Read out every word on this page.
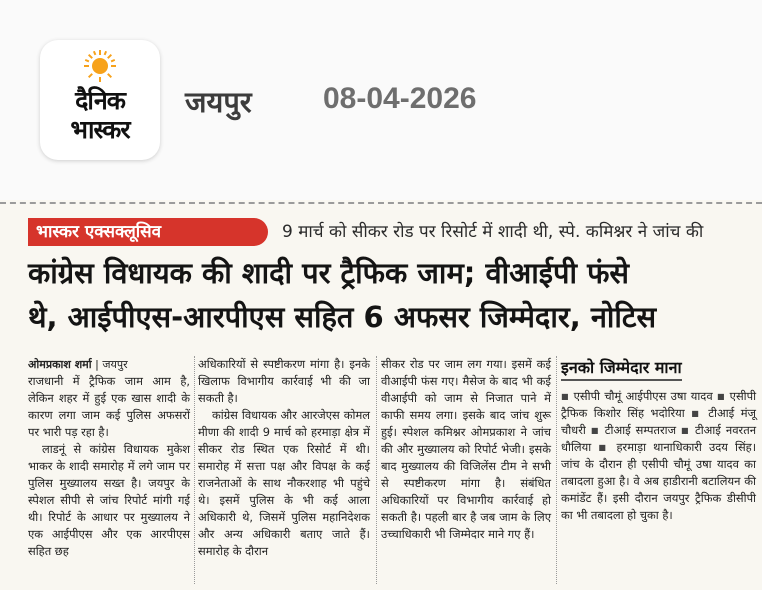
दैनिक
भास्कर
जयपुर 08-04-2026
भास्कर एक्सक्लूसिव	9 मार्च को सीकर रोड पर रिसोर्ट में शादी थी, स्पे. कमिश्नर ने जांच की
कांग्रेस विधायक की शादी पर ट्रैफिक जाम; वीआईपी फंसे
थे, आईपीएस-आरपीएस सहित 6 अफसर जिम्मेदार, नोटिस
ओमप्रकाश शर्मा | जयपुर

राजधानी में ट्रैफिक जाम आम है, लेकिन शहर में हुई एक खास शादी के कारण लगा जाम कई पुलिस अफसरों पर भारी पड़ रहा है।

लाडनूं से कांग्रेस विधायक मुकेश भाकर के शादी समारोह में लगे जाम पर पुलिस मुख्यालय सख्त है। जयपुर के स्पेशल सीपी से जांच रिपोर्ट मांगी गई थी। रिपोर्ट के आधार पर मुख्यालय ने एक आईपीएस और एक आरपीएस सहित छह

अधिकारियों से स्पष्टीकरण मांगा है। इनके खिलाफ विभागीय कार्रवाई भी की जा सकती है।

कांग्रेस विधायक और आरजेएस कोमल मीणा की शादी 9 मार्च को हरमाड़ा क्षेत्र में सीकर रोड स्थित एक रिसोर्ट में थी। समारोह में सत्ता पक्ष और विपक्ष के कई राजनेताओं के साथ नौकरशाह भी पहुंचे थे। इसमें पुलिस के भी कई आला अधिकारी थे, जिसमें पुलिस महानिदेशक और अन्य अधिकारी बताए जाते हैं। समारोह के दौरान

सीकर रोड पर जाम लग गया। इसमें कई वीआईपी फंस गए। मैसेज के बाद भी कई वीआईपी को जाम से निजात पाने में काफी समय लगा। इसके बाद जांच शुरू हुई। स्पेशल कमिश्नर ओमप्रकाश ने जांच की और मुख्यालय को रिपोर्ट भेजी। इसके बाद मुख्यालय की विजिलेंस टीम ने सभी से स्पष्टीकरण मांगा है। संबंधित अधिकारियों पर विभागीय कार्रवाई हो सकती है। पहली बार है जब जाम के लिए उच्चाधिकारी भी जिम्मेदार माने गए हैं।

इनको जिम्मेदार माना

■ एसीपी चौमूं आईपीएस उषा यादव ■ एसीपी ट्रैफिक किशोर सिंह भदोरिया ■ टीआई मंजू चौधरी ■ टीआई सम्पतराज ■ टीआई नवरतन धौलिया ■ हरमाड़ा थानाधिकारी उदय सिंह। जांच के दौरान ही एसीपी चौमूं उषा यादव का तबादला हुआ है। वे अब हाडीरानी बटालियन की कमांडेंट हैं। इसी दौरान जयपुर ट्रैफिक डीसीपी का भी तबादला हो चुका है।
